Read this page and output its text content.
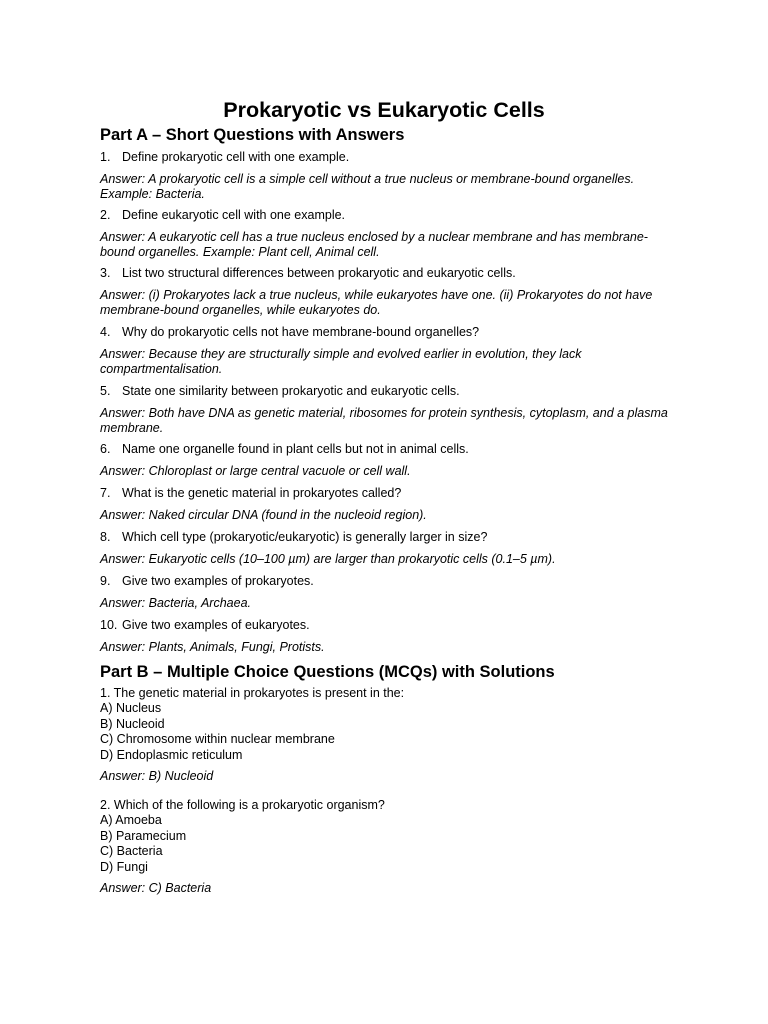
Prokaryotic vs Eukaryotic Cells
Part A – Short Questions with Answers

1. Define prokaryotic cell with one example.

Answer: A prokaryotic cell is a simple cell without a true nucleus or membrane-bound organelles. Example: Bacteria.

2. Define eukaryotic cell with one example.

Answer: A eukaryotic cell has a true nucleus enclosed by a nuclear membrane and has membrane-bound organelles. Example: Plant cell, Animal cell.

3. List two structural differences between prokaryotic and eukaryotic cells.

Answer: (i) Prokaryotes lack a true nucleus, while eukaryotes have one. (ii) Prokaryotes do not have membrane-bound organelles, while eukaryotes do.

4. Why do prokaryotic cells not have membrane-bound organelles?

Answer: Because they are structurally simple and evolved earlier in evolution, they lack compartmentalisation.

5. State one similarity between prokaryotic and eukaryotic cells.

Answer: Both have DNA as genetic material, ribosomes for protein synthesis, cytoplasm, and a plasma membrane.

6. Name one organelle found in plant cells but not in animal cells.

Answer: Chloroplast or large central vacuole or cell wall.

7. What is the genetic material in prokaryotes called?

Answer: Naked circular DNA (found in the nucleoid region).

8. Which cell type (prokaryotic/eukaryotic) is generally larger in size?

Answer: Eukaryotic cells (10–100 µm) are larger than prokaryotic cells (0.1–5 µm).

9. Give two examples of prokaryotes.

Answer: Bacteria, Archaea.

10. Give two examples of eukaryotes.

Answer: Plants, Animals, Fungi, Protists.

Part B – Multiple Choice Questions (MCQs) with Solutions

1. The genetic material in prokaryotes is present in the:

A) Nucleus

B) Nucleoid

C) Chromosome within nuclear membrane

D) Endoplasmic reticulum

Answer: B) Nucleoid

2. Which of the following is a prokaryotic organism?

A) Amoeba

B) Paramecium

C) Bacteria

D) Fungi

Answer: C) Bacteria
